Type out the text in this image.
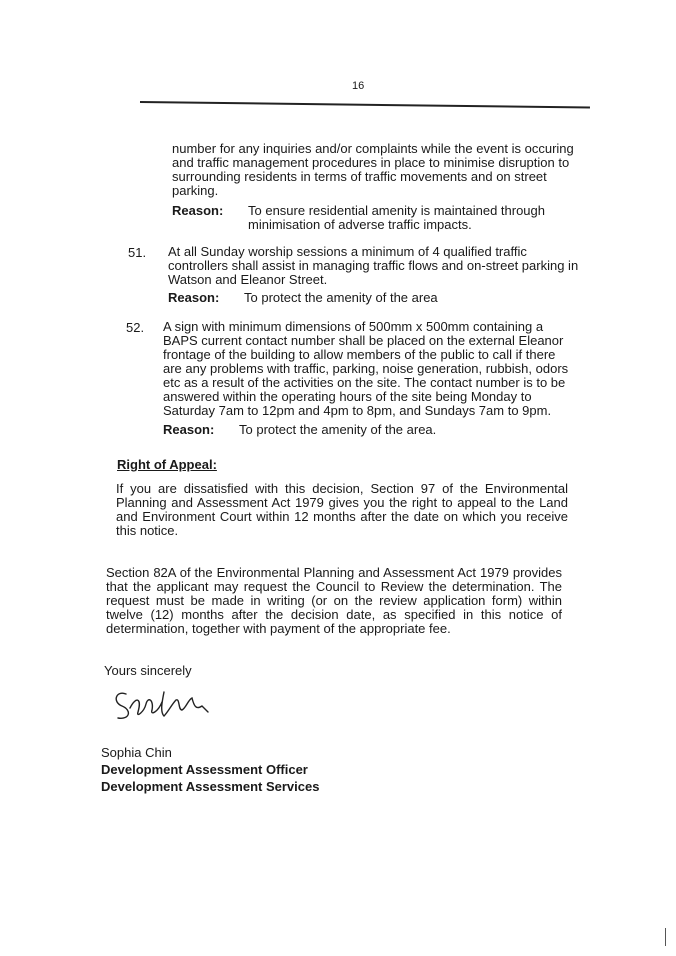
16
number for any inquiries and/or complaints while the event is occuring
and traffic management procedures in place to minimise disruption to
surrounding residents in terms of traffic movements and on street
parking.
Reason:	To ensure residential amenity is maintained through
minimisation of adverse traffic impacts.
51. At all Sunday worship sessions a minimum of 4 qualified traffic
controllers shall assist in managing traffic flows and on-street parking in
Watson and Eleanor Street.
Reason:	To protect the amenity of the area
52. A sign with minimum dimensions of 500mm x 500mm containing a
BAPS current contact number shall be placed on the external Eleanor
frontage of the building to allow members of the public to call if there
are any problems with traffic, parking, noise generation, rubbish, odors
etc as a result of the activities on the site. The contact number is to be
answered within the operating hours of the site being Monday to
Saturday 7am to 12pm and 4pm to 8pm, and Sundays 7am to 9pm.
Reason:	To protect the amenity of the area.
Right of Appeal:
If you are dissatisfied with this decision, Section 97 of the Environmental Planning and Assessment Act 1979 gives you the right to appeal to the Land and Environment Court within 12 months after the date on which you receive this notice.
Section 82A of the Environmental Planning and Assessment Act 1979 provides that the applicant may request the Council to Review the determination. The request must be made in writing (or on the review application form) within twelve (12) months after the decision date, as specified in this notice of determination, together with payment of the appropriate fee.
Yours sincerely
Sophia Chin
Development Assessment Officer
Development Assessment Services
